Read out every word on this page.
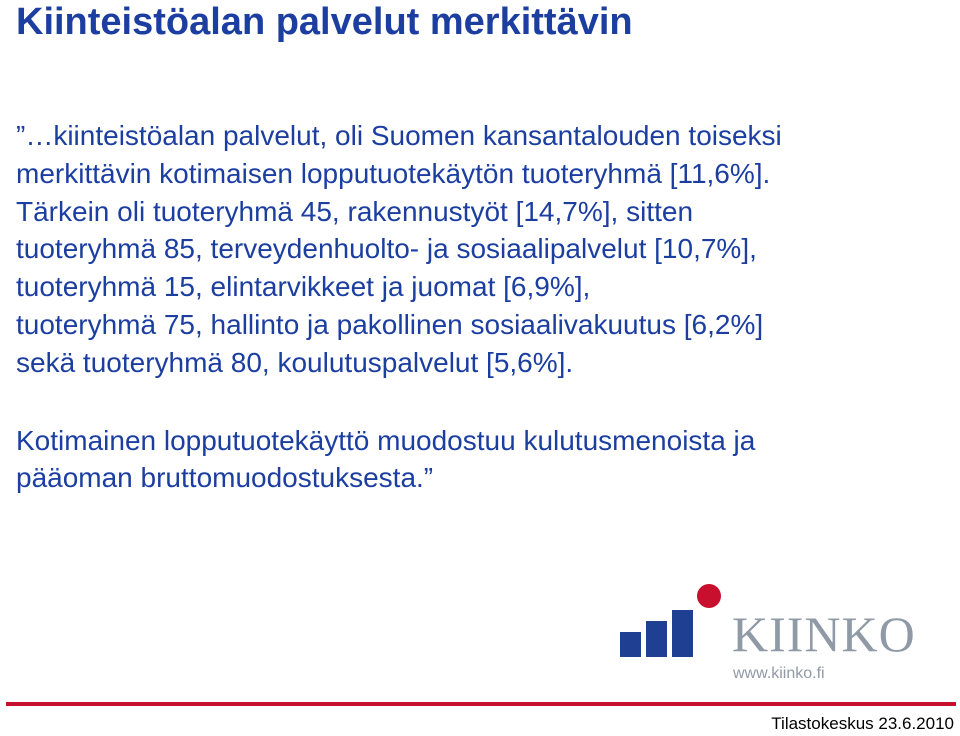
Kiinteistöalan palvelut merkittävin
”…kiinteistöalan palvelut, oli Suomen kansantalouden toiseksi
merkittävin kotimaisen lopputuotekäytön tuoteryhmä [11,6%].
Tärkein oli tuoteryhmä 45, rakennustyöt [14,7%], sitten
tuoteryhmä 85, terveydenhuolto- ja sosiaalipalvelut [10,7%],
tuoteryhmä 15, elintarvikkeet ja juomat [6,9%],
tuoteryhmä 75, hallinto ja pakollinen sosiaalivakuutus [6,2%]
sekä tuoteryhmä 80, koulutuspalvelut [5,6%].
Kotimainen lopputuotekäyttö muodostuu kulutusmenoista ja
pääoman bruttomuodostuksesta.”
KIINKO
www.kiinko.fi
Tilastokeskus 23.6.2010
